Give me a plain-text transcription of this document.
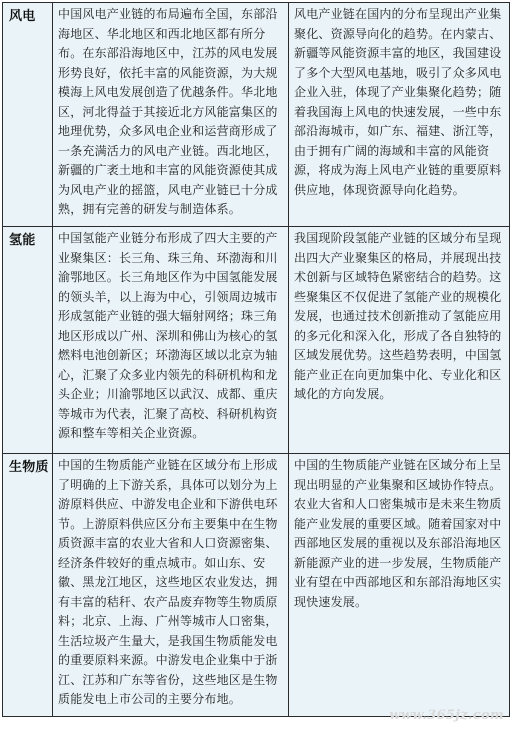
风电	中国风电产业链的布局遍布全国，东部沿海地区、华北地区和西北地区都有所分布。在东部沿海地区中，江苏的风电发展形势良好，依托丰富的风能资源，为大规模海上风电发展创造了优越条件。华北地区，河北得益于其接近北方风能富集区的地理优势，众多风电企业和运营商形成了一条充满活力的风电产业链。西北地区，新疆的广袤土地和丰富的风能资源使其成为风电产业的摇篮，风电产业链已十分成熟，拥有完善的研发与制造体系。	风电产业链在国内的分布呈现出产业集聚化、资源导向化的趋势。在内蒙古、新疆等风能资源丰富的地区，我国建设了多个大型风电基地，吸引了众多风电企业入驻，体现了产业集聚化趋势；随着我国海上风电的快速发展，一些中东部沿海城市，如广东、福建、浙江等，由于拥有广阔的海域和丰富的风能资源，将成为海上风电产业链的重要原料供应地，体现资源导向化趋势。
氢能	中国氢能产业链分布形成了四大主要的产业聚集区：长三角、珠三角、环渤海和川渝鄂地区。长三角地区作为中国氢能发展的领头羊，以上海为中心，引领周边城市形成氢能产业链的强大辐射网络；珠三角地区形成以广州、深圳和佛山为核心的氢燃料电池创新区；环渤海区域以北京为轴心，汇聚了众多业内领先的科研机构和龙头企业；川渝鄂地区以武汉、成都、重庆等城市为代表，汇聚了高校、科研机构资源和整车等相关企业资源。	我国现阶段氢能产业链的区域分布呈现出四大产业聚集区的格局，并展现出技术创新与区域特色紧密结合的趋势。这些聚集区不仅促进了氢能产业的规模化发展，也通过技术创新推动了氢能应用的多元化和深入化，形成了各自独特的区域发展优势。这些趋势表明，中国氢能产业正在向更加集中化、专业化和区域化的方向发展。
生物质	中国的生物质能产业链在区域分布上形成了明确的上下游关系，具体可以划分为上游原料供应、中游发电企业和下游供电环节。上游原料供应区分布主要集中在生物质资源丰富的农业大省和人口资源密集、经济条件较好的重点城市。如山东、安徽、黑龙江地区，这些地区农业发达，拥有丰富的秸秆、农产品废弃物等生物质原料；北京、上海、广州等城市人口密集，生活垃圾产生量大，是我国生物质能发电的重要原料来源。中游发电企业集中于浙江、江苏和广东等省份，这些地区是生物质能发电上市公司的主要分布地。	中国的生物质能产业链在区域分布上呈现出明显的产业集聚和区域协作特点。农业大省和人口密集城市是未来生物质能产业发展的重要区域。随着国家对中西部地区发展的重视以及东部沿海地区新能源产业的进一步发展，生物质能产业有望在中西部地区和东部沿海地区实现快速发展。
www.365jz.com
